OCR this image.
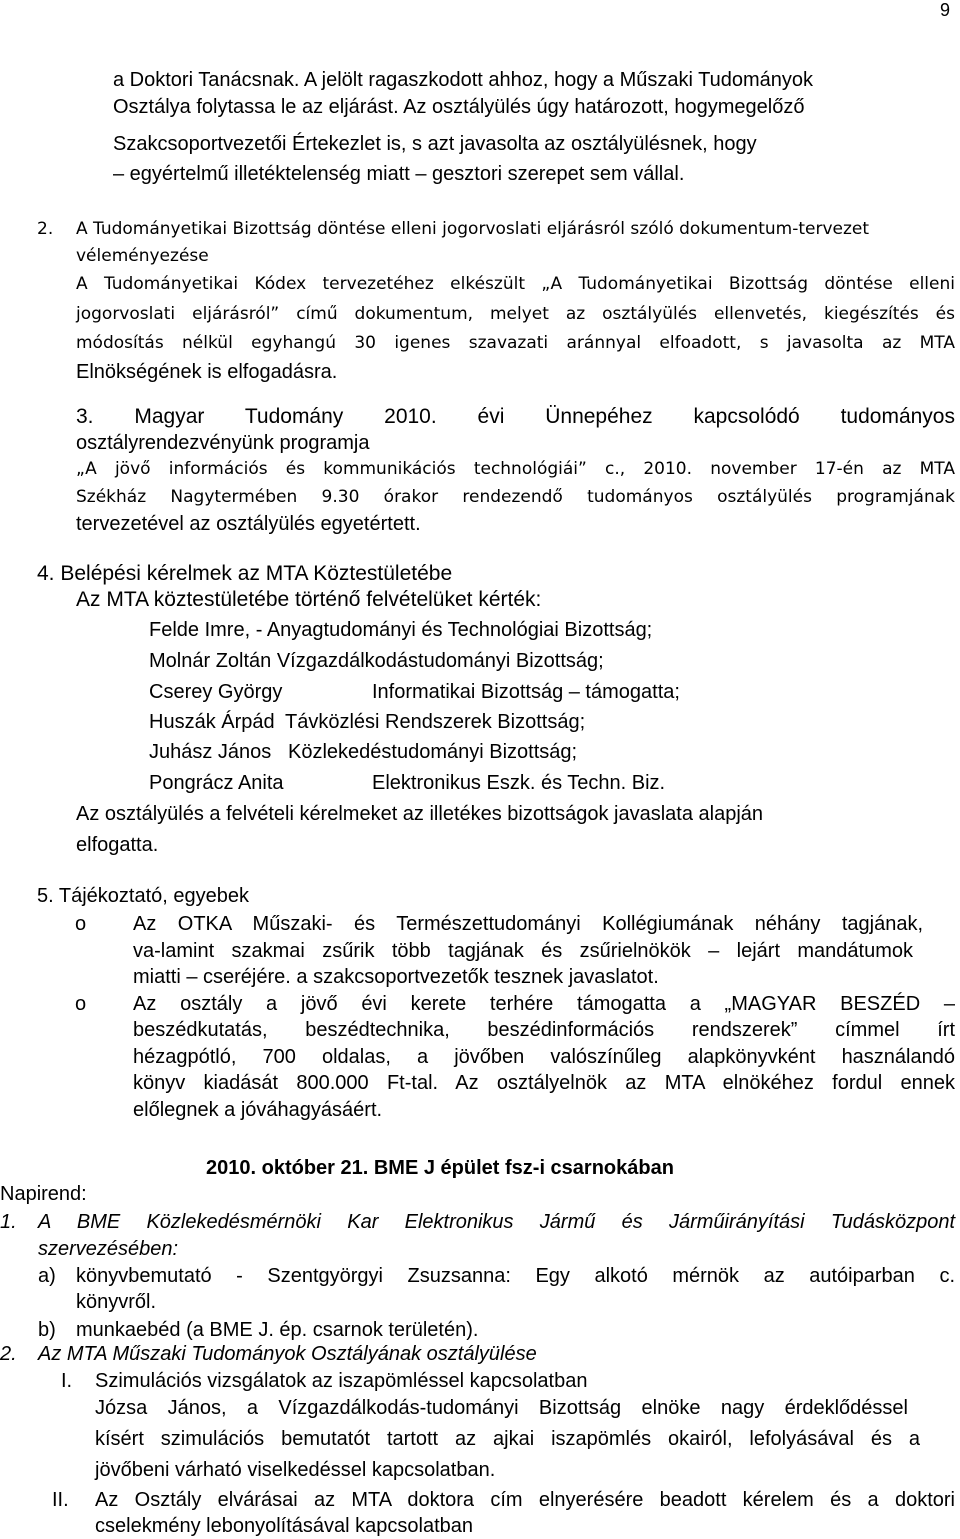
9
a Doktori Tanácsnak. A jelölt ragaszkodott ahhoz, hogy a Műszaki Tudományok
Osztálya folytassa le az eljárást. Az osztályülés úgy határozott, hogymegelőző
Szakcsoportvezetői Értekezlet is, s azt javasolta az osztályülésnek, hogy
– egyértelmű illetéktelenség miatt – gesztori szerepet sem vállal.
2. A Tudományetikai Bizottság döntése elleni jogorvoslati eljárásról szóló dokumentum-tervezet
véleményezése
A Tudományetikai Kódex tervezetéhez elkészült „A Tudományetikai Bizottság döntése elleni
jogorvoslati eljárásról” című dokumentum, melyet az osztályülés ellenvetés, kiegészítés és
módosítás nélkül egyhangú 30 igenes szavazati aránnyal elfoadott, s javasolta az MTA
Elnökségének is elfogadásra.
3. Magyar Tudomány 2010. évi Ünnepéhez kapcsolódó tudományos
osztályrendezvényünk programja
„A jövő információs és kommunikációs technológiái” c., 2010. november 17-én az MTA
Székház Nagytermében 9.30 órakor rendezendő tudományos osztályülés programjának
tervezetével az osztályülés egyetértett.
4. Belépési kérelmek az MTA Köztestületébe
Az MTA köztestületébe történő felvételüket kérték:
Felde Imre, - Anyagtudományi és Technológiai Bizottság;
Molnár Zoltán Vízgazdálkodástudományi Bizottság;
Cserey György	Informatikai Bizottság – támogatta;
Huszák Árpád Távközlési Rendszerek Bizottság;
Juhász János Közlekedéstudományi Bizottság;
Pongrácz Anita	Elektronikus Eszk. és Techn. Biz.
Az osztályülés a felvételi kérelmeket az illetékes bizottságok javaslata alapján
elfogatta.
5. Tájékoztató, egyebek
o Az OTKA Műszaki- és Természettudományi Kollégiumának néhány tagjának,
va-lamint szakmai zsűrik több tagjának és zsűrielnökök – lejárt mandátumok
miatti – cseréjére. a szakcsoportvezetők tesznek javaslatot.
o Az osztály a jövő évi kerete terhére támogatta a „MAGYAR BESZÉD –
beszédkutatás, beszédtechnika, beszédinformációs rendszerek” címmel írt
hézagpótló, 700 oldalas, a jövőben valószínűleg alapkönyvként használandó
könyv kiadását 800.000 Ft-tal. Az osztályelnök az MTA elnökéhez fordul ennek
előlegnek a jóváhagyásáért.
2010. október 21. BME J épület fsz-i csarnokában
Napirend:
1. A BME Közlekedésmérnöki Kar Elektronikus Jármű és Járműirányítási Tudásközpont
szervezésében:
a) könyvbemutató - Szentgyörgyi Zsuzsanna: Egy alkotó mérnök az autóiparban c.
könyvről.
b) munkaebéd (a BME J. ép. csarnok területén).
2. Az MTA Műszaki Tudományok Osztályának osztályülése
I. Szimulációs vizsgálatok az iszapömléssel kapcsolatban
Józsa János, a Vízgazdálkodás-tudományi Bizottság elnöke nagy érdeklődéssel
kísért szimulációs bemutatót tartott az ajkai iszapömlés okairól, lefolyásával és a
jövőbeni várható viselkedéssel kapcsolatban.
II. Az Osztály elvárásai az MTA doktora cím elnyerésére beadott kérelem és a doktori
cselekmény lebonyolításával kapcsolatban
